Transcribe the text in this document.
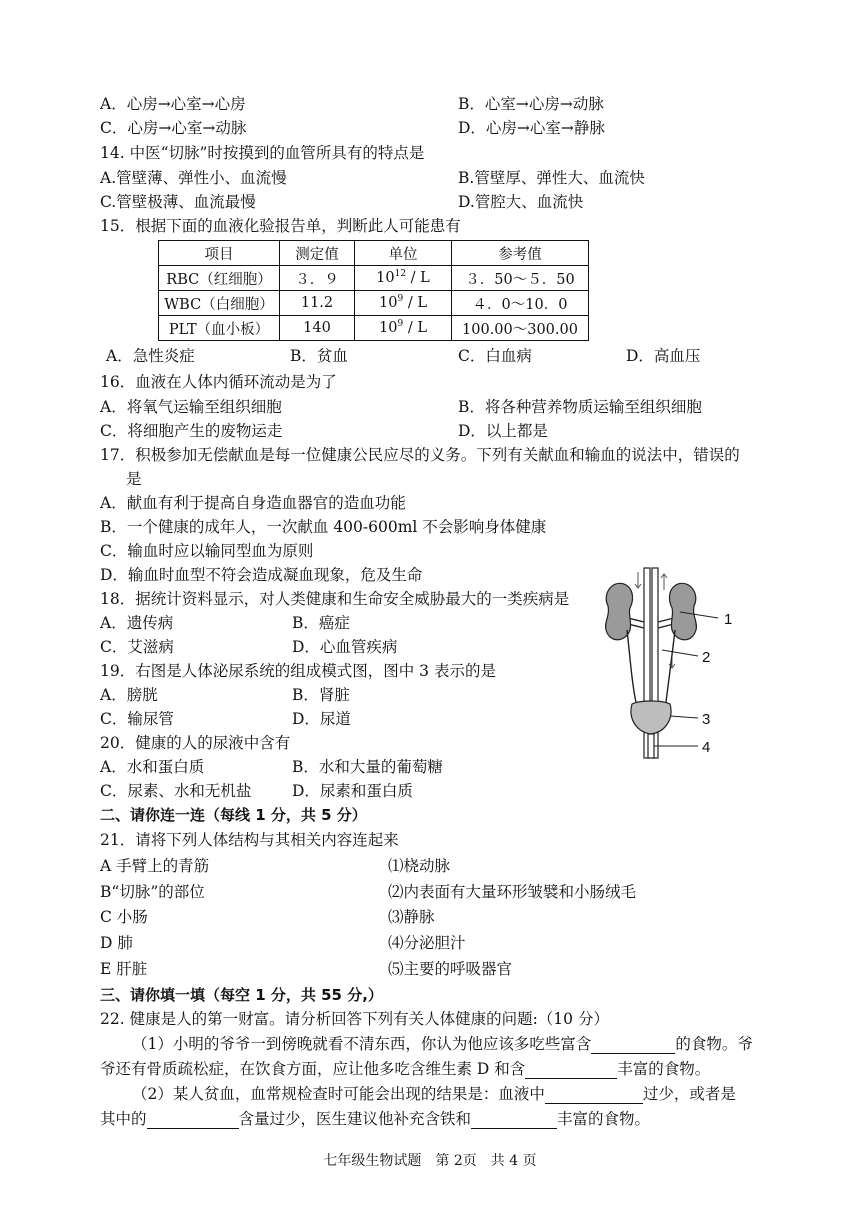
A．心房→心室→心房	B．心室→心房→动脉
C．心房→心室→动脉	D．心房→心室→静脉
14. 中医“切脉”时按摸到的血管所具有的特点是
A.管壁薄、弹性小、血流慢	B.管壁厚、弹性大、血流快
C.管壁极薄、血流最慢	D.管腔大、血流快
15．根据下面的血液化验报告单，判断此人可能患有
项目	测定值	单位	参考值
RBC（红细胞）	３．９	$10^{12}$ / L	３．50～５．50
WBC（白细胞）	11.2	$10^9$ / L	４．0～10．0
PLT（血小板）	140	$10^9$ / L	100.00～300.00
A．急性炎症	B．贫血	C．白血病	D．高血压
16．血液在人体内循环流动是为了
A．将氧气运输至组织细胞	B．将各种营养物质运输至组织细胞
C．将细胞产生的废物运走	D．以上都是
17．积极参加无偿献血是每一位健康公民应尽的义务。下列有关献血和输血的说法中，错误的
是
A．献血有利于提高自身造血器官的造血功能
B．一个健康的成年人，一次献血 400-600ml 不会影响身体健康
C．输血时应以输同型血为原则
D．输血时血型不符会造成凝血现象，危及生命
18．据统计资料显示，对人类健康和生命安全威胁最大的一类疾病是
A．遗传病	B．癌症
C．艾滋病	D．心血管疾病
19．右图是人体泌尿系统的组成模式图，图中 3 表示的是
A．膀胱	B．肾脏
C．输尿管	D．尿道
20．健康的人的尿液中含有
A．水和蛋白质	B．水和大量的葡萄糖
C．尿素、水和无机盐	D．尿素和蛋白质
1
2
3
4
二、请你连一连（每线 1 分，共 5 分）
21．请将下列人体结构与其相关内容连起来
A 手臂上的青筋	⑴桡动脉
B“切脉”的部位	⑵内表面有大量环形皱襞和小肠绒毛
C 小肠	⑶静脉
D 肺	⑷分泌胆汁
E 肝脏	⑸主要的呼吸器官
三、请你填一填（每空 1 分，共 55 分,）
22. 健康是人的第一财富。请分析回答下列有关人体健康的问题:（10 分）
（1）小明的爷爷一到傍晚就看不清东西，你认为他应该多吃些富含	的食物。爷
爷还有骨质疏松症，在饮食方面，应让他多吃含维生素 D 和含	丰富的食物。
（2）某人贫血，血常规检查时可能会出现的结果是：血液中	过少，或者是
其中的	含量过少，医生建议他补充含铁和	丰富的食物。
七年级生物试题　第 2页　共 4 页
